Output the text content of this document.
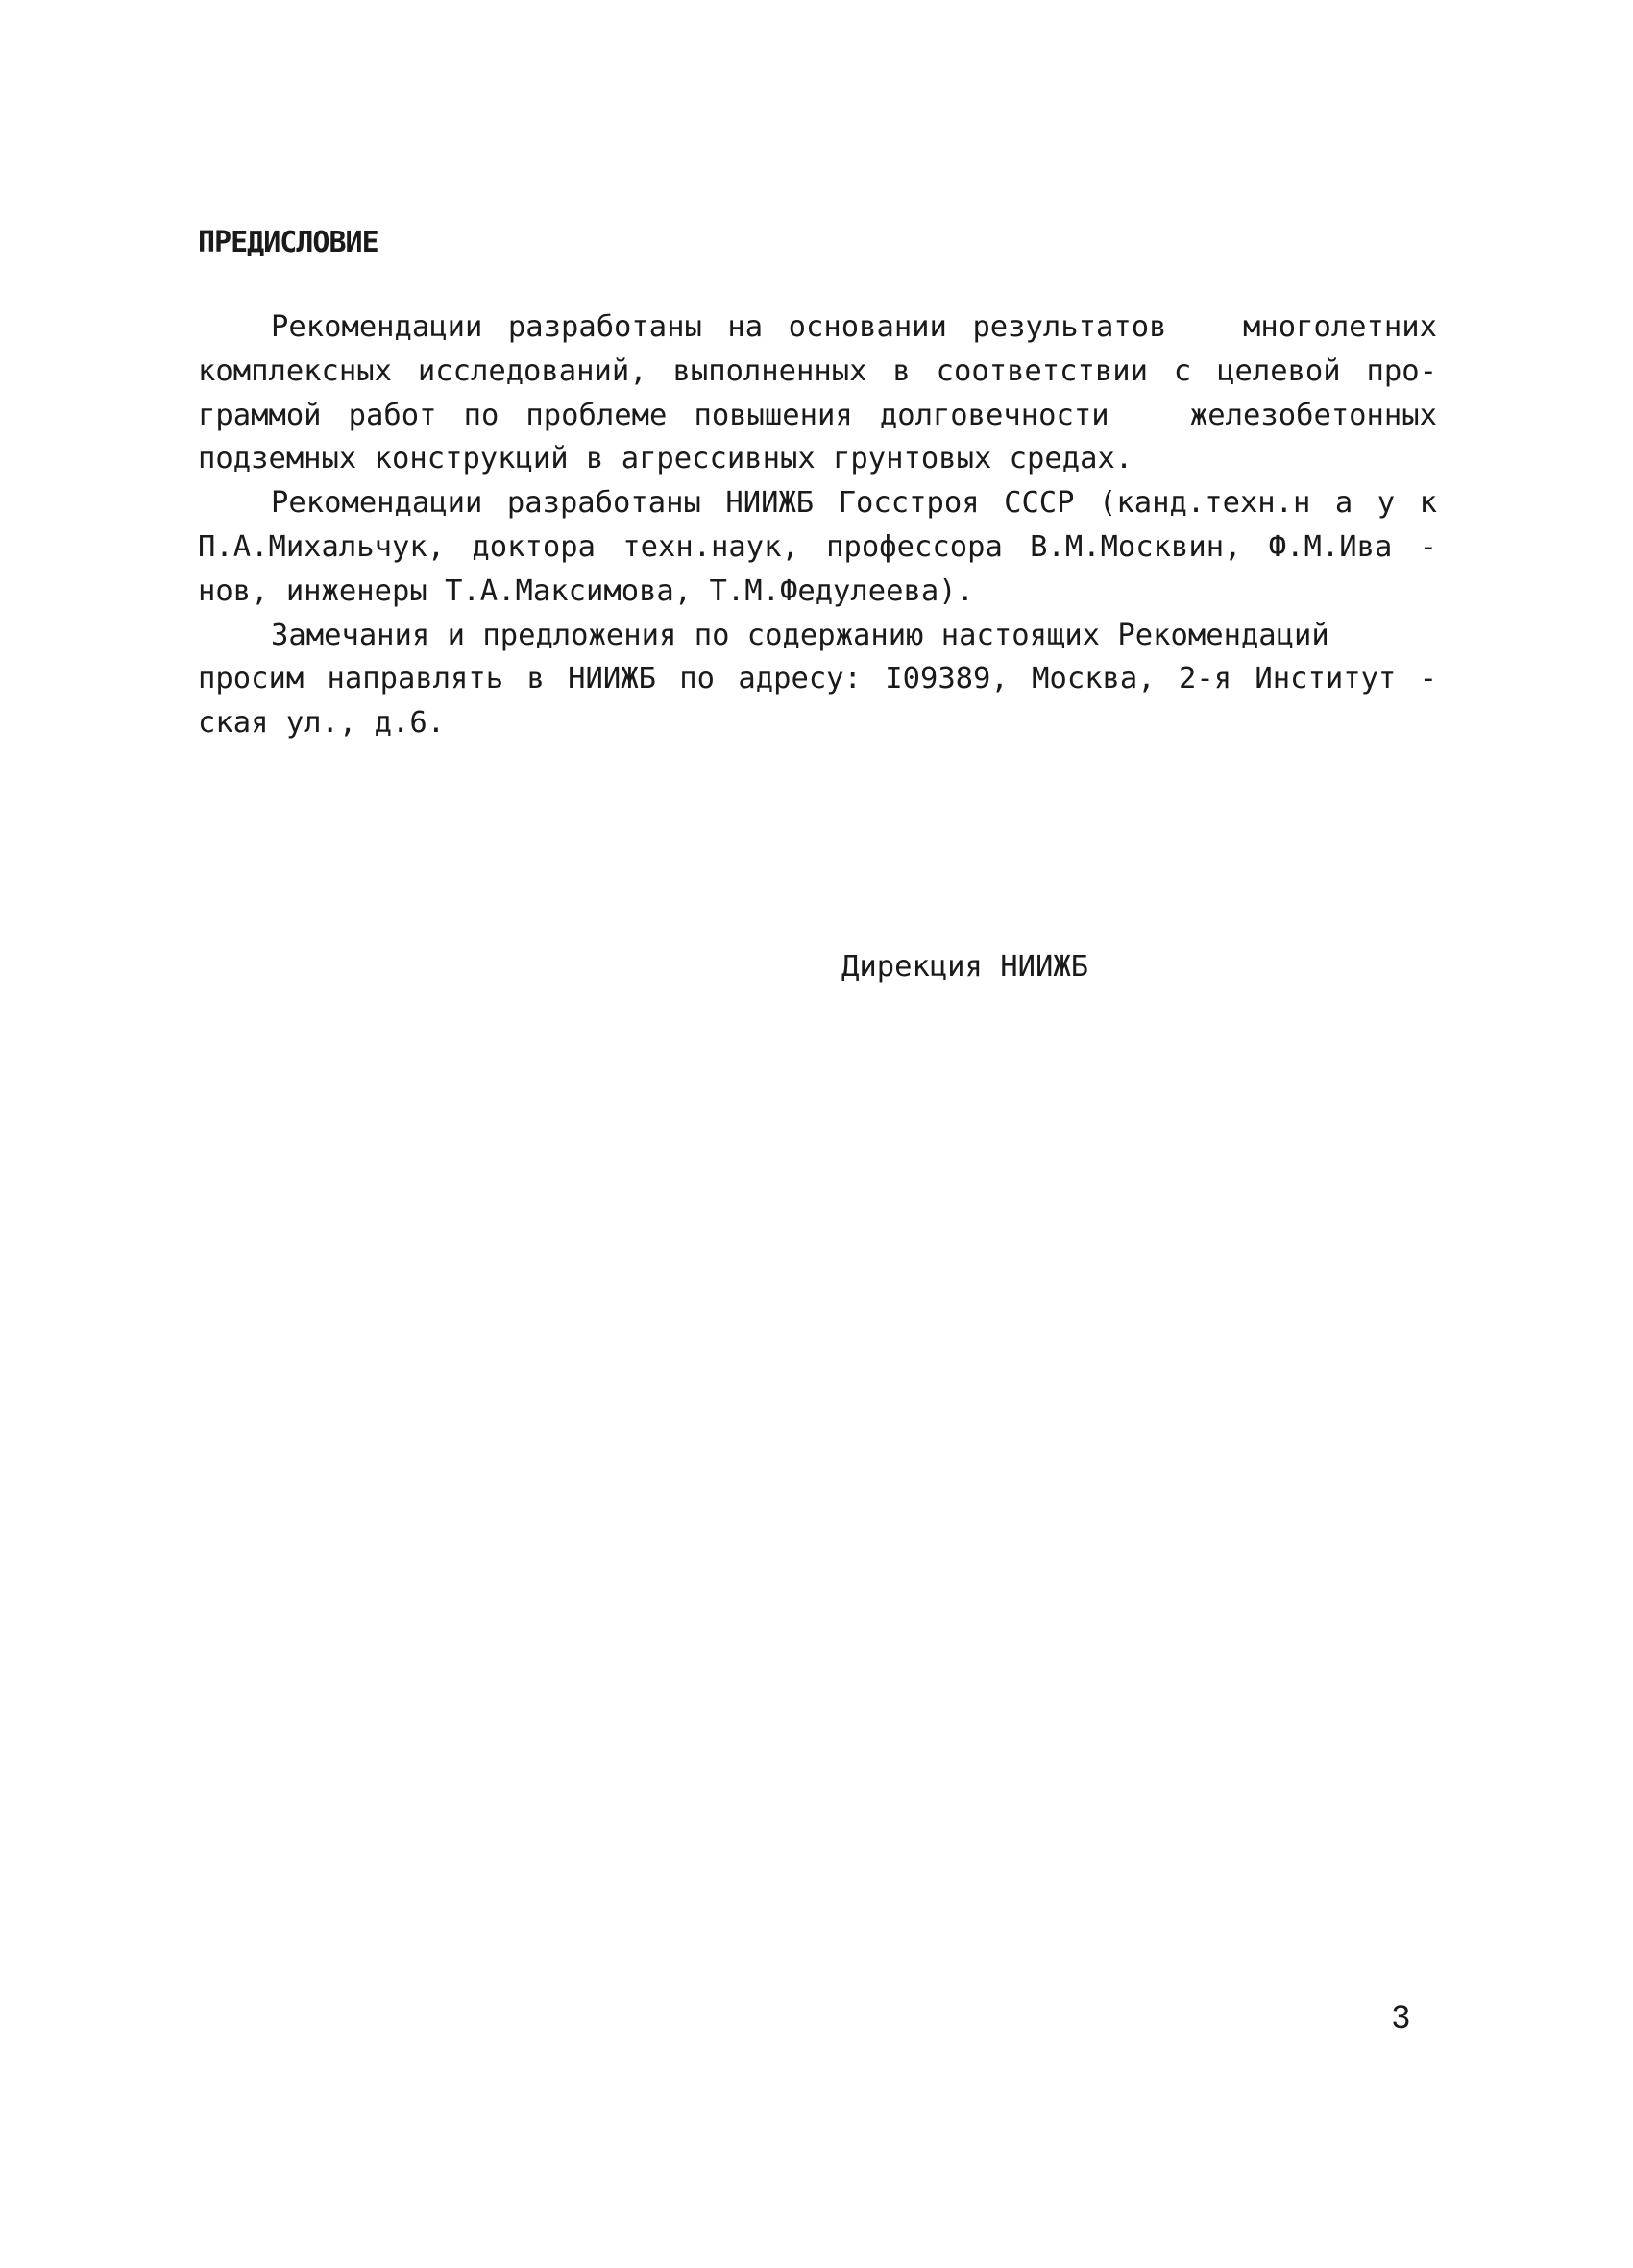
ПРЕДИСЛОВИЕ
Рекомендации разработаны на основании результатов   многолетних
комплексных исследований, выполненных в соответствии с целевой про-
граммой работ по проблеме повышения долговечности   железобетонных
подземных конструкций в агрессивных грунтовых средах.
Рекомендации разработаны НИИЖБ Госстроя СССР (канд.техн.н а у к
П.А.Михальчук, доктора техн.наук, профессора В.М.Москвин, Ф.М.Ива -
нов, инженеры Т.А.Максимова, Т.М.Федулеева).
Замечания и предложения по содержанию настоящих Рекомендаций
просим направлять в НИИЖБ по адресу: I09389, Москва, 2-я Институт -
ская ул., д.6.
Дирекция НИИЖБ
3
